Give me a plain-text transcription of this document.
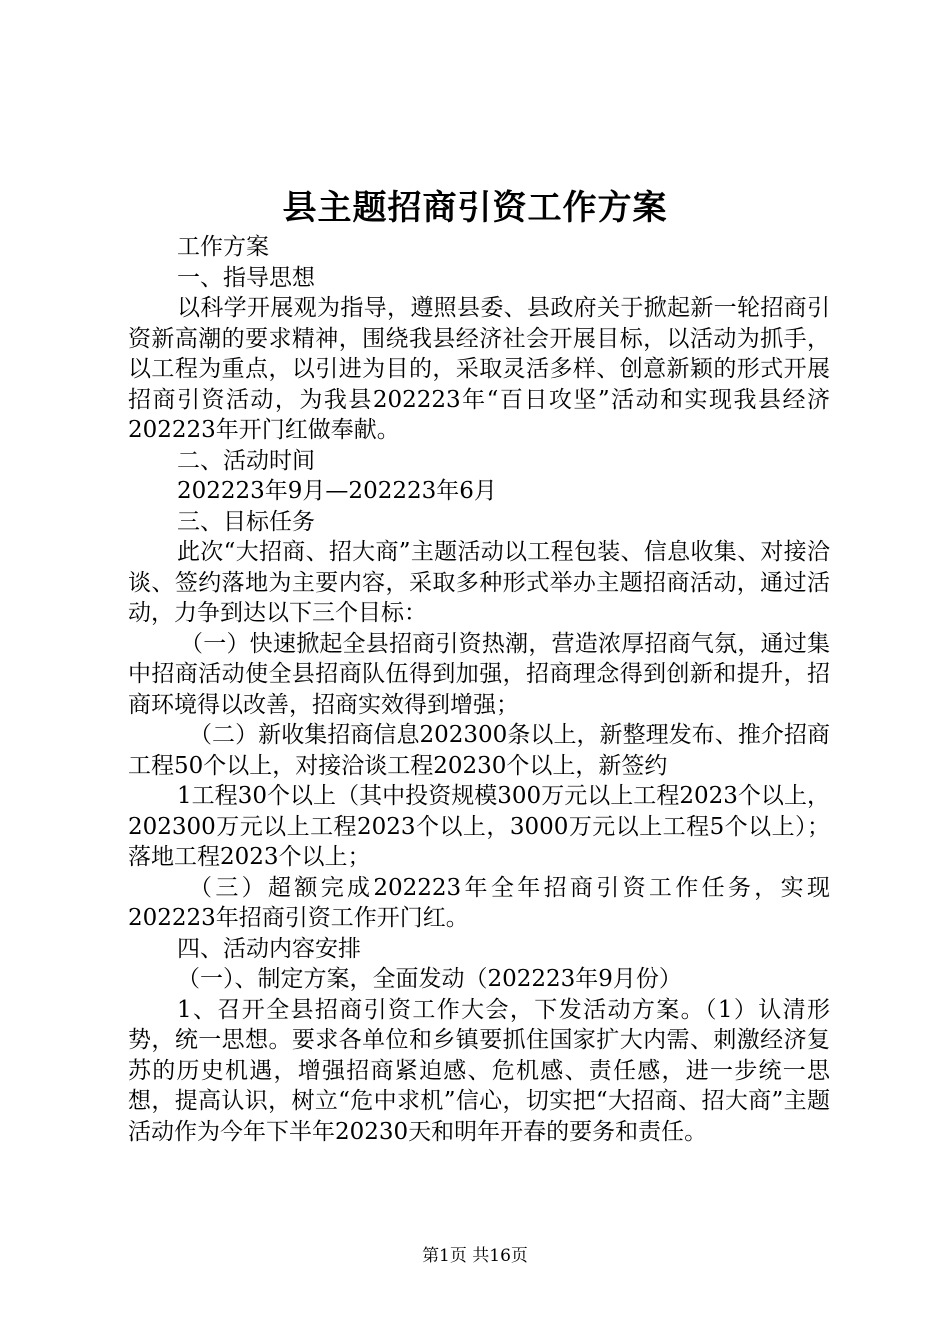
县主题招商引资工作方案

工作方案

一、指导思想

以科学开展观为指导，遵照县委、县政府关于掀起新一轮招商引资新高潮的要求精神，围绕我县经济社会开展目标，以活动为抓手，以工程为重点，以引进为目的，采取灵活多样、创意新颖的形式开展招商引资活动，为我县202223年“百日攻坚”活动和实现我县经济202223年开门红做奉献。

二、活动时间

202223年9月—202223年6月

三、目标任务

此次“大招商、招大商”主题活动以工程包装、信息收集、对接洽谈、签约落地为主要内容，采取多种形式举办主题招商活动，通过活动，力争到达以下三个目标：

（一）快速掀起全县招商引资热潮，营造浓厚招商气氛，通过集中招商活动使全县招商队伍得到加强，招商理念得到创新和提升，招商环境得以改善，招商实效得到增强；

（二）新收集招商信息202300条以上，新整理发布、推介招商工程50个以上，对接洽谈工程20230个以上，新签约

1工程30个以上（其中投资规模300万元以上工程2023个以上，202300万元以上工程2023个以上，3000万元以上工程5个以上）；落地工程2023个以上；

（三）超额完成202223年全年招商引资工作任务，实现202223年招商引资工作开门红。

四、活动内容安排

（一）、制定方案，全面发动（202223年9月份）

1、召开全县招商引资工作大会，下发活动方案。（1）认清形势，统一思想。要求各单位和乡镇要抓住国家扩大内需、刺激经济复苏的历史机遇，增强招商紧迫感、危机感、责任感，进一步统一思想，提高认识，树立“危中求机”信心，切实把“大招商、招大商”主题活动作为今年下半年20230天和明年开春的要务和责任。

第1页 共16页
